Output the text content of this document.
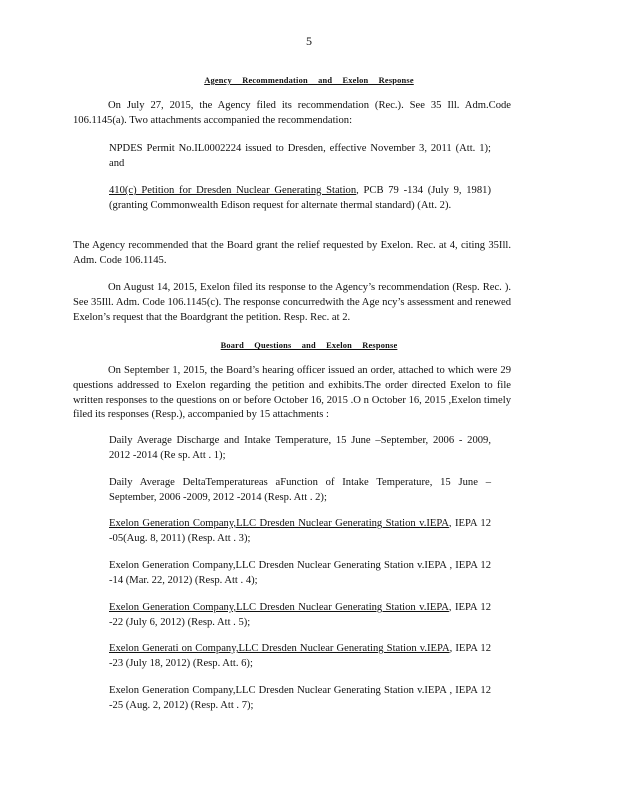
5
Agency Recommendation and Exelon Response
On July 27, 2015, the Agency filed its recommendation (Rec.). See 35 Ill. Adm.Code 106.1145(a). Two attachments accompanied the recommendation:
NPDES Permit No.IL0002224 issued to Dresden, effective November 3, 2011 (Att. 1); and
410(c) Petition for Dresden Nuclear Generating Station, PCB 79 -134 (July 9, 1981) (granting Commonwealth Edison request for alternate thermal standard) (Att. 2).
The Agency recommended that the Board grant the relief requested by Exelon. Rec. at 4, citing 35Ill. Adm. Code 106.1145.
On August 14, 2015, Exelon filed its response to the Agency’s recommendation (Resp. Rec. ). See 35Ill. Adm. Code 106.1145(c). The response concurredwith the Age ncy’s assessment and renewed Exelon’s request that the Boardgrant the petition. Resp. Rec. at 2.
Board Questions and Exelon Response
On September 1, 2015, the Board’s hearing officer issued an order, attached to which were 29 questions addressed to Exelon regarding the petition and exhibits.The order directed Exelon to file written responses to the questions on or before October 16, 2015 .O n October 16, 2015 ,Exelon timely filed its responses (Resp.), accompanied by 15 attachments :
Daily Average Discharge and Intake Temperature, 15 June –September, 2006 - 2009, 2012 -2014 (Re sp. Att . 1);
Daily Average DeltaTemperatureas aFunction of Intake Temperature, 15 June – September, 2006 -2009, 2012 -2014 (Resp. Att . 2);
Exelon Generation Company,LLC Dresden Nuclear Generating Station v.IEPA, IEPA 12 -05(Aug. 8, 2011) (Resp. Att . 3);
Exelon Generation Company,LLC Dresden Nuclear Generating Station v.IEPA , IEPA 12 -14 (Mar. 22, 2012) (Resp. Att . 4);
Exelon Generation Company,LLC Dresden Nuclear Generating Station v.IEPA, IEPA 12 -22 (July 6, 2012) (Resp. Att . 5);
Exelon Generati on Company,LLC Dresden Nuclear Generating Station v.IEPA, IEPA 12 -23 (July 18, 2012) (Resp. Att. 6);
Exelon Generation Company,LLC Dresden Nuclear Generating Station v.IEPA , IEPA 12 -25 (Aug. 2, 2012) (Resp. Att . 7);
